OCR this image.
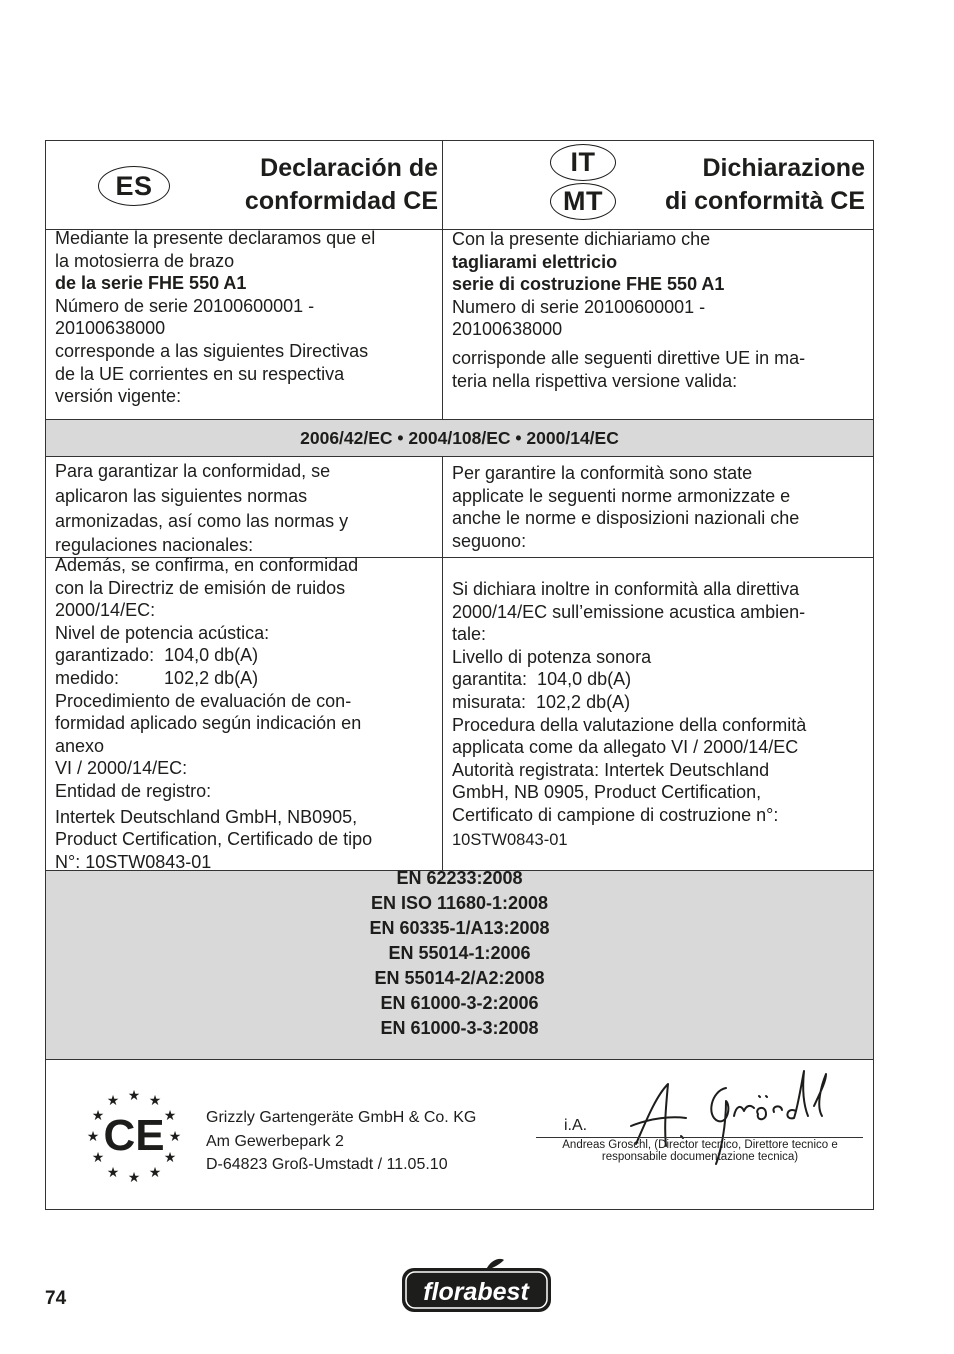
ES
Declaración de
conformidad CE
IT
MT
Dichiarazione
di conformità CE
Mediante la presente declaramos que el
la motosierra de brazo
de la serie FHE 550 A1
Número de serie 20100600001 -
20100638000
corresponde a las siguientes Directivas
de la UE corrientes en su respectiva
versión vigente:
Con la presente dichiariamo che
tagliarami elettricio
serie di costruzione FHE 550 A1
Numero di serie 20100600001 -
20100638000
corrisponde alle seguenti direttive UE in ma-
teria nella rispettiva versione valida:
2006/42/EC • 2004/108/EC • 2000/14/EC
Para garantizar la conformidad, se
aplicaron las siguientes normas
armonizadas, así como las normas y
regulaciones nacionales:
Per garantire la conformità sono state
applicate le seguenti norme armonizzate e
anche le norme e disposizioni nazionali che
seguono:
Además, se confirma, en conformidad
con la Directriz de emisión de ruidos
2000/14/EC:
Nivel de potencia acústica:
garantizado:  104,0 db(A)
medido:         102,2 db(A)
Procedimiento de evaluación de con-
formidad aplicado según indicación en
anexo
VI / 2000/14/EC:
Entidad de registro:
Intertek Deutschland GmbH, NB0905,
Product Certification, Certificado de tipo
N°: 10STW0843-01
Si dichiara inoltre in conformità alla direttiva
2000/14/EC sull’emissione acustica ambien-
tale:
Livello di potenza sonora
garantita:  104,0 db(A)
misurata:  102,2 db(A)
Procedura della valutazione della conformità
applicata come da allegato VI / 2000/14/EC
Autorità registrata: Intertek Deutschland
GmbH, NB 0905, Product Certification,
Certificato di campione di costruzione n°:
10STW0843-01
EN 62233:2008
EN ISO 11680-1:2008
EN 60335-1/A13:2008
EN 55014-1:2006
EN 55014-2/A2:2008
EN 61000-3-2:2006
EN 61000-3-3:2008
★ ★
★
★
★
★
★
★
★
★
★
★
CE	Grizzly Gartengeräte GmbH & Co. KG
Am Gewerbepark 2
D-64823 Groß-Umstadt / 11.05.10
i.A.
Andreas Groschl, (Director tecnico, Direttore tecnico e
responsabile documentazione tecnica)
74	florabest
